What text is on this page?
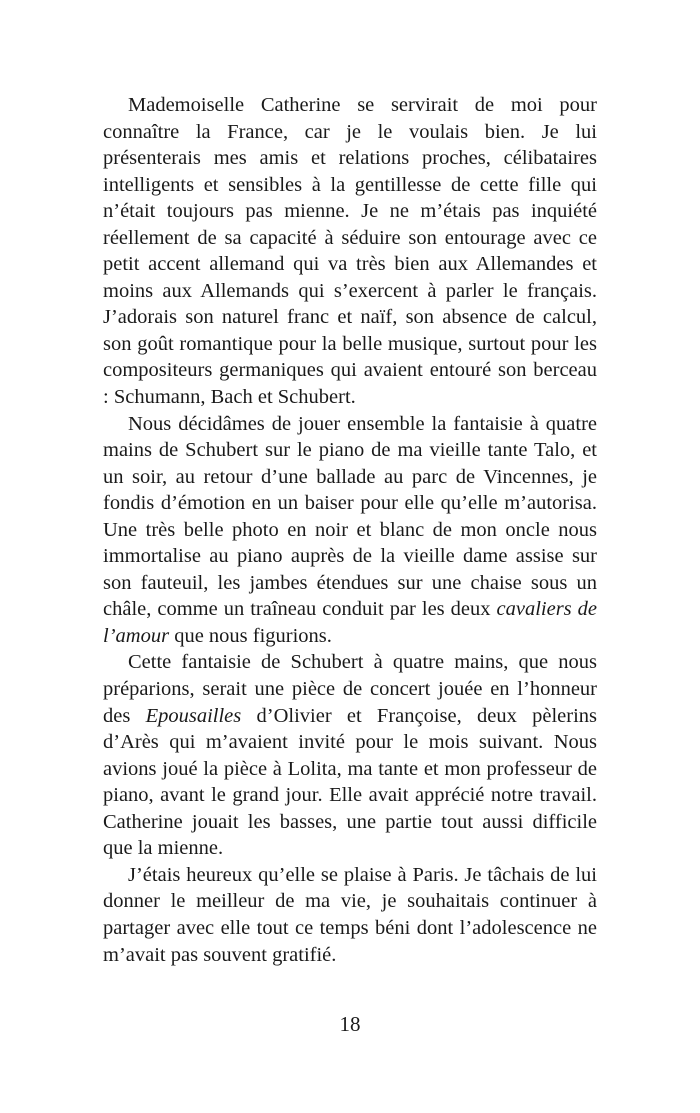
Mademoiselle Catherine se servirait de moi pour connaître la France, car je le voulais bien. Je lui présenterais mes amis et relations proches, célibataires intelligents et sensibles à la gentillesse de cette fille qui n’était toujours pas mienne. Je ne m’étais pas inquiété réellement de sa capacité à séduire son entourage avec ce petit accent allemand qui va très bien aux Allemandes et moins aux Allemands qui s’exercent à parler le français. J’adorais son naturel franc et naïf, son absence de calcul, son goût romantique pour la belle musique, surtout pour les compositeurs germaniques qui avaient entouré son berceau : Schumann, Bach et Schubert.

Nous décidâmes de jouer ensemble la fantaisie à quatre mains de Schubert sur le piano de ma vieille tante Talo, et un soir, au retour d’une ballade au parc de Vincennes, je fondis d’émotion en un baiser pour elle qu’elle m’autorisa. Une très belle photo en noir et blanc de mon oncle nous immortalise au piano auprès de la vieille dame assise sur son fauteuil, les jambes étendues sur une chaise sous un châle, comme un traîneau conduit par les deux cavaliers de l’amour que nous figurions.

Cette fantaisie de Schubert à quatre mains, que nous préparions, serait une pièce de concert jouée en l’honneur des Epousailles d’Olivier et Françoise, deux pèlerins d’Arès qui m’avaient invité pour le mois suivant. Nous avions joué la pièce à Lolita, ma tante et mon professeur de piano, avant le grand jour. Elle avait apprécié notre travail. Catherine jouait les basses, une partie tout aussi difficile que la mienne.

J’étais heureux qu’elle se plaise à Paris. Je tâchais de lui donner le meilleur de ma vie, je souhaitais continuer à partager avec elle tout ce temps béni dont l’adolescence ne m’avait pas souvent gratifié.

18
